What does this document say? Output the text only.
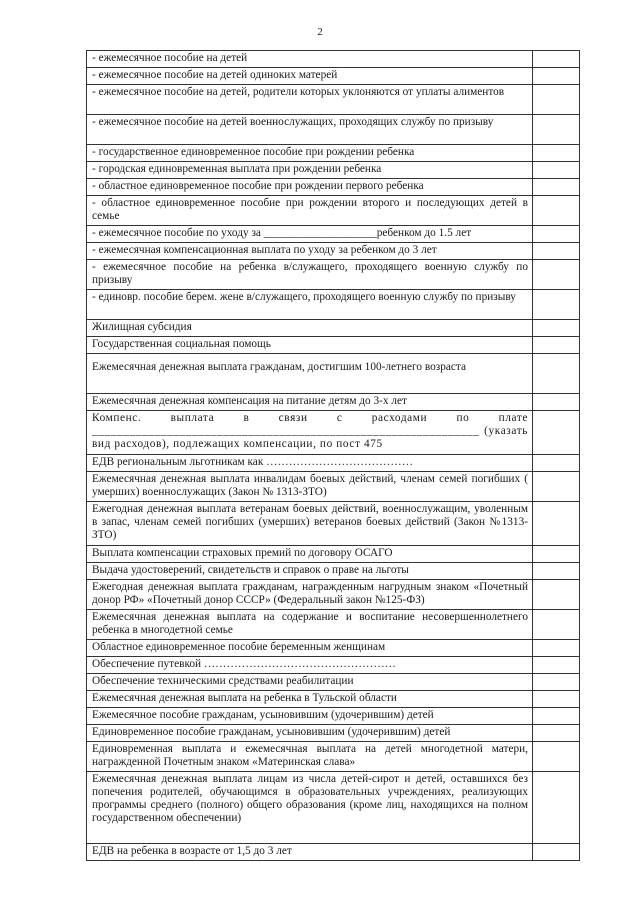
2
- ежемесячное пособие на детей	
- ежемесячное пособие на детей одиноких матерей	
- ежемесячное пособие на детей, родители которых уклоняются от уплаты алиментов	
- ежемесячное пособие на детей военнослужащих, проходящих службу по призыву	
- государственное единовременное пособие при рождении ребенка	
- городская единовременная выплата при рождении ребенка	
- областное единовременное пособие при рождении первого ребенка	
- областное единовременное пособие при рождении второго и последующих детей в семье	
- ежемесячное пособие по уходу за ____________________ребенком до 1.5 лет	
- ежемесячная компенсационная выплата по уходу за ребенком до 3 лет	
- ежемесячное пособие на ребенка в/служащего, проходящего военную службу по призыву	
- единовр. пособие берем. жене в/служащего, проходящего военную службу по призыву	
Жилищная субсидия	
Государственная социальная помощь	
Ежемесячная денежная выплата гражданам, достигшим 100-летнего возраста	
Ежемесячная денежная компенсация на питание детям до 3-х лет	
Компенс. выплата в связи с расходами по плате ______________________________________________________________ (указать вид расходов), подлежащих компенсации, по пост 475	
ЕДВ региональным льготникам как …………………………………	
Ежемесячная денежная выплата инвалидам боевых действий, членам семей погибших ( умерших) военнослужащих (Закон № 1313-ЗТО)	
Ежегодная денежная выплата ветеранам боевых действий, военнослужащим, уволенным в запас, членам семей погибших (умерших) ветеранов боевых действий (Закон №1313-ЗТО)	
Выплата компенсации страховых премий по договору ОСАГО	
Выдача удостоверений, свидетельств и справок о праве на льготы	
Ежегодная денежная выплата гражданам, награжденным нагрудным знаком «Почетный донор РФ» «Почетный донор СССР» (Федеральный закон №125-ФЗ)	
Ежемесячная денежная выплата на содержание и воспитание несовершеннолетнего ребенка в многодетной семье	
Областное единовременное пособие беременным женщинам	
Обеспечение путевкой ……………………………………………	
Обеспечение техническими средствами реабилитации	
Ежемесячная денежная выплата на ребенка в Тульской области	
Ежемесячное пособие гражданам, усыновившим (удочерившим) детей	
Единовременное пособие гражданам, усыновившим (удочерившим) детей	
Единовременная выплата и ежемесячная выплата на детей многодетной матери, награжденной Почетным знаком «Материнская слава»	
Ежемесячная денежная выплата лицам из числа детей-сирот и детей, оставшихся без попечения родителей, обучающимся в образовательных учреждениях, реализующих программы среднего (полного) общего образования (кроме лиц, находящихся на полном государственном обеспечении)	
ЕДВ на ребенка в возрасте от 1,5 до 3 лет	
